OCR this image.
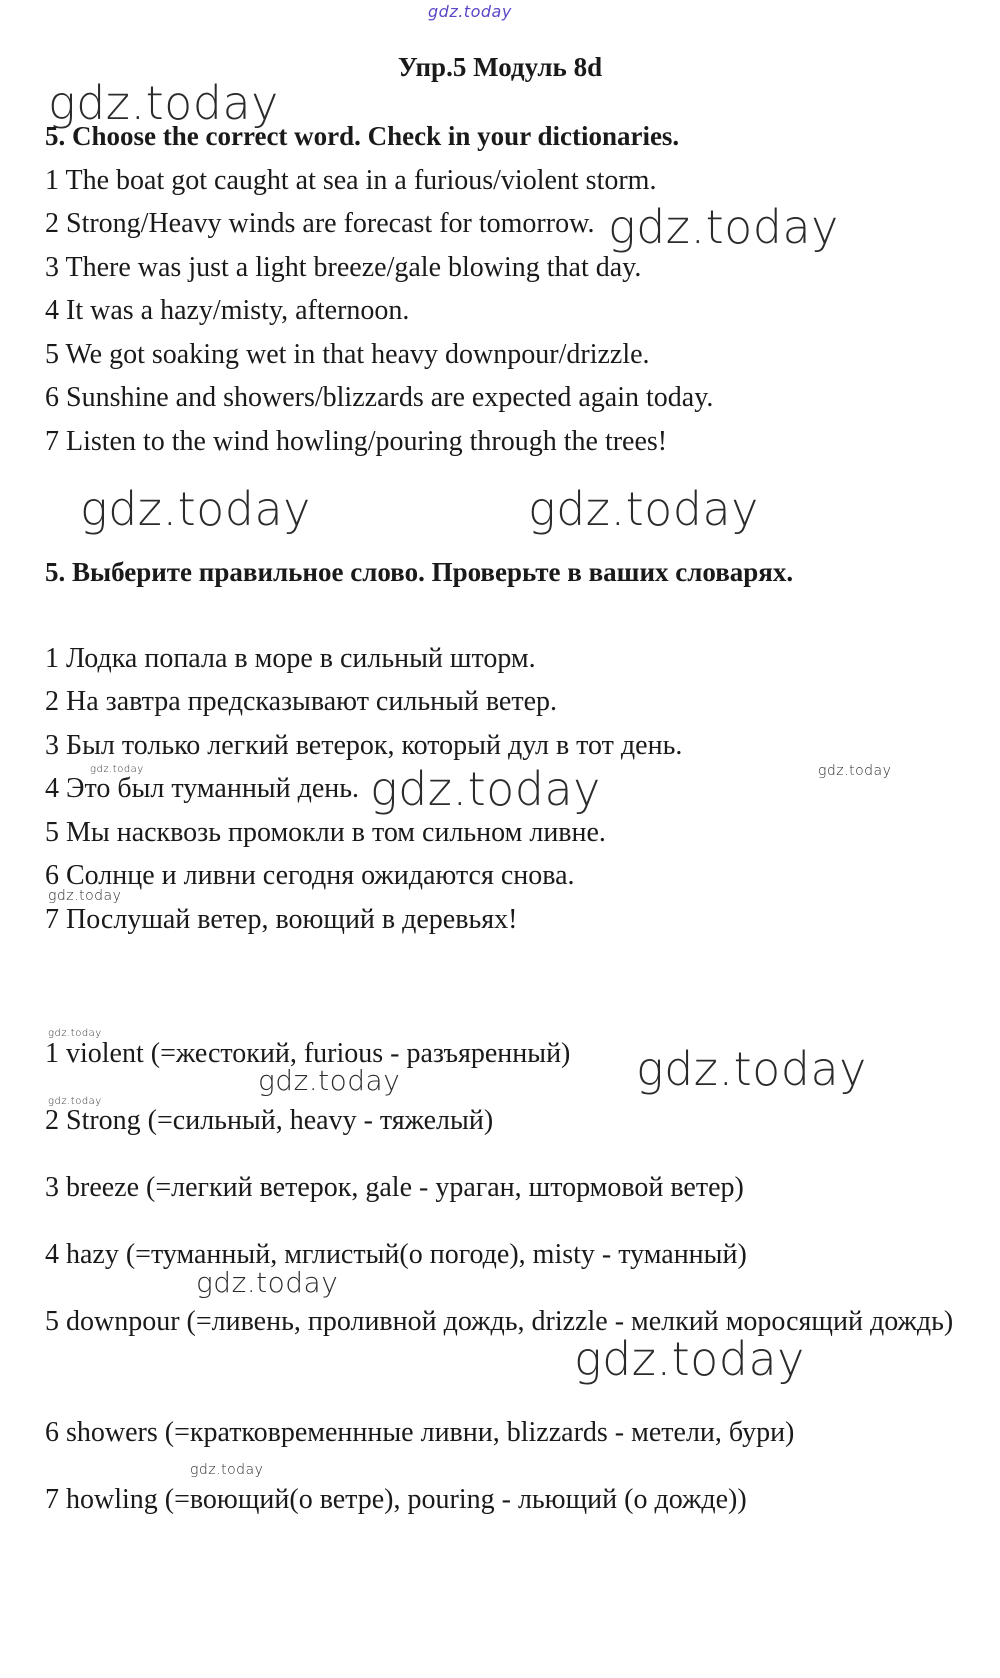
gdz.today
gdz.today
gdz.today
gdz.today	gdz.today
gdz.today
gdz.today	gdz.today
gdz.today
gdz.today
gdz.today
gdz.today
gdz.today
gdz.today
gdz.today
gdz.today
Упр.5 Модуль 8d
5. Choose the correct word. Check in your dictionaries.
1 The boat got caught at sea in a furious/violent storm.
2 Strong/Heavy winds are forecast for tomorrow.
3 There was just a light breeze/gale blowing that day.
4 It was a hazy/misty, afternoon.
5 We got soaking wet in that heavy downpour/drizzle.
6 Sunshine and showers/blizzards are expected again today.
7 Listen to the wind howling/pouring through the trees!
5. Выберите правильное слово. Проверьте в ваших словарях.
1 Лодка попала в море в сильный шторм.
2 На завтра предсказывают сильный ветер.
3 Был только легкий ветерок, который дул в тот день.
4 Это был туманный день.
5 Мы насквозь промокли в том сильном ливне.
6 Солнце и ливни сегодня ожидаются снова.
7 Послушай ветер, воющий в деревьях!
1 violent (=жестокий, furious - разъяренный)
2 Strong (=сильный, heavy - тяжелый)
3 breeze (=легкий ветерок, gale - ураган, штормовой ветер)
4 hazy (=туманный, мглистый(о погоде), misty - туманный)
5 downpour (=ливень, проливной дождь, drizzle - мелкий моросящий дождь)
6 showers (=кратковременнные ливни, blizzards - метели, бури)
7 howling (=воющий(о ветре), pouring - льющий (о дожде))
